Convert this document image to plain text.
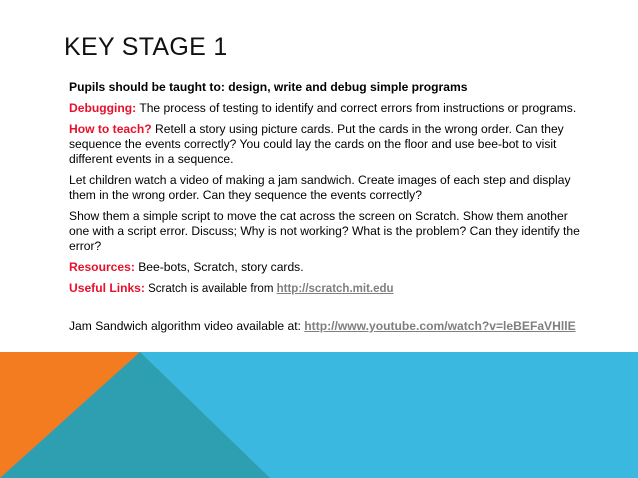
KEY STAGE 1

Pupils should be taught to: design, write and debug simple programs

Debugging: The process of testing to identify and correct errors from instructions or programs.

How to teach? Retell a story using picture cards. Put the cards in the wrong order. Can they sequence the events correctly? You could lay the cards on the floor and use bee-bot to visit different events in a sequence.

Let children watch a video of making a jam sandwich. Create images of each step and display them in the wrong order. Can they sequence the events correctly?

Show them a simple script to move the cat across the screen on Scratch. Show them another one with a script error. Discuss; Why is not working? What is the problem? Can they identify the error?

Resources: Bee-bots, Scratch, story cards.

Useful Links: Scratch is available from http://scratch.mit.edu

Jam Sandwich algorithm video available at: http://www.youtube.com/watch?v=leBEFaVHllE
